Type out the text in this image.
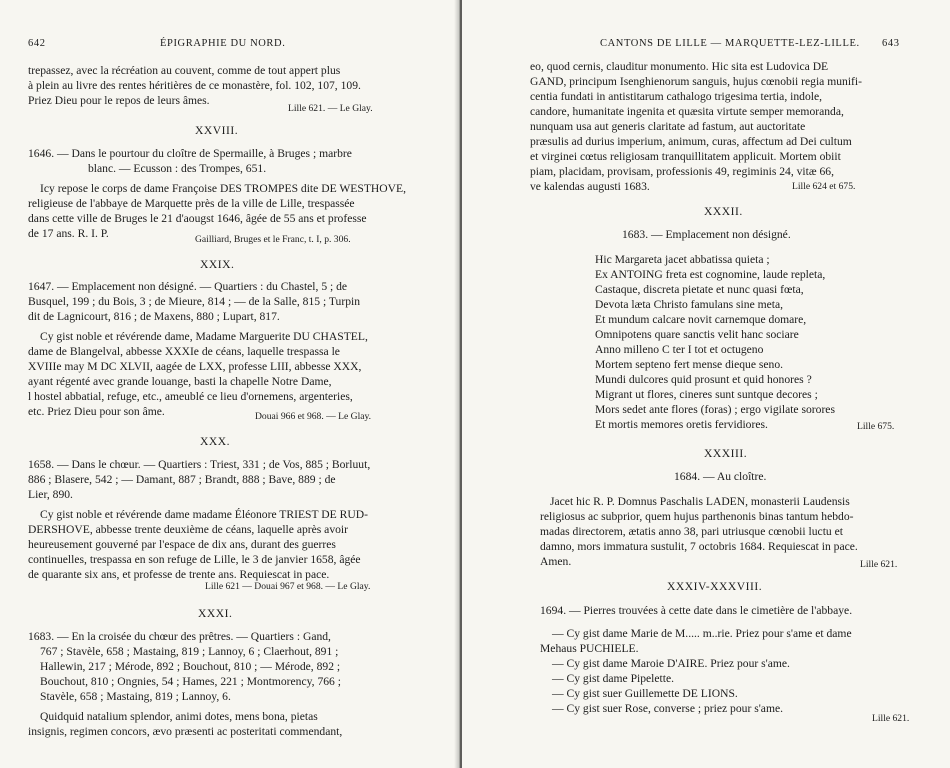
642	ÉPIGRAPHIE DU NORD.
trepassez, avec la récréation au couvent, comme de tout appert plus
à plein au livre des rentes héritières de ce monastère, fol. 102, 107, 109.
Priez Dieu pour le repos de leurs âmes.
Lille 621. — Le Glay.
XXVIII.
1646. — Dans le pourtour du cloître de Spermaille, à Bruges ; marbre
blanc. — Ecusson : des Trompes, 651.
Icy repose le corps de dame Françoise DES TROMPES dite DE WESTHOVE,
religieuse de l'abbaye de Marquette près de la ville de Lille, trespassée
dans cette ville de Bruges le 21 d'aougst 1646, âgée de 55 ans et professe
de 17 ans. R. I. P.	Gailliard, Bruges et le Franc, t. I, p. 306.
XXIX.
1647. — Emplacement non désigné. — Quartiers : du Chastel, 5 ; de
Busquel, 199 ; du Bois, 3 ; de Mieure, 814 ; — de la Salle, 815 ; Turpin
dit de Lagnicourt, 816 ; de Maxens, 880 ; Lupart, 817.
Cy gist noble et révérende dame, Madame Marguerite DU CHASTEL,
dame de Blangelval, abbesse XXXIe de céans, laquelle trespassa le
XVIIIe may M DC XLVII, aagée de LXX, professe LIII, abbesse XXX,
ayant régenté avec grande louange, basti la chapelle Notre Dame,
l hostel abbatial, refuge, etc., ameublé ce lieu d'ornemens, argenteries,
etc. Priez Dieu pour son âme.	Douai 966 et 968. — Le Glay.
XXX.
1658. — Dans le chœur. — Quartiers : Triest, 331 ; de Vos, 885 ; Borluut,
886 ; Blasere, 542 ; — Damant, 887 ; Brandt, 888 ; Bave, 889 ; de
Lier, 890.
Cy gist noble et révérende dame madame Éléonore TRIEST DE RUD-
DERSHOVE, abbesse trente deuxième de céans, laquelle après avoir
heureusement gouverné par l'espace de dix ans, durant des guerres
continuelles, trespassa en son refuge de Lille, le 3 de janvier 1658, âgée
de quarante six ans, et professe de trente ans. Requiescat in pace.
Lille 621 — Douai 967 et 968. — Le Glay.
XXXI.
1683. — En la croisée du chœur des prêtres. — Quartiers : Gand,
767 ; Stavèle, 658 ; Mastaing, 819 ; Lannoy, 6 ; Claerhout, 891 ;
Hallewin, 217 ; Mérode, 892 ; Bouchout, 810 ; — Mérode, 892 ;
Bouchout, 810 ; Ongnies, 54 ; Hames, 221 ; Montmorency, 766 ;
Stavèle, 658 ; Mastaing, 819 ; Lannoy, 6.
Quidquid natalium splendor, animi dotes, mens bona, pietas
insignis, regimen concors, ævo præsenti ac posteritati commendant,
CANTONS DE LILLE — MARQUETTE-LEZ-LILLE. 643
eo, quod cernis, clauditur monumento. Hic sita est Ludovica DE
GAND, principum Isenghienorum sanguis, hujus cœnobii regia munifi-
centia fundati in antistitarum cathalogo trigesima tertia, indole,
candore, humanitate ingenita et quæsita virtute semper memoranda,
nunquam usa aut generis claritate ad fastum, aut auctoritate
præsulis ad durius imperium, animum, curas, affectum ad Dei cultum
et virginei cœtus religiosam tranquillitatem applicuit. Mortem obiit
piam, placidam, provisam, professionis 49, regiminis 24, vitæ 66,
ve kalendas augusti 1683.	Lille 624 et 675.
XXXII.
1683. — Emplacement non désigné.
Hic Margareta jacet abbatissa quieta ;
Ex ANTOING freta est cognomine, laude repleta,
Castaque, discreta pietate et nunc quasi fœta,
Devota læta Christo famulans sine meta,
Et mundum calcare novit carnemque domare,
Omnipotens quare sanctis velit hanc sociare
Anno milleno C ter I tot et octugeno
Mortem septeno fert mense dieque seno.
Mundi dulcores quid prosunt et quid honores ?
Migrant ut flores, cineres sunt suntque decores ;
Mors sedet ante flores (foras) ; ergo vigilate sorores
Et mortis memores oretis fervidiores.	Lille 675.
XXXIII.
1684. — Au cloître.
Jacet hic R. P. Domnus Paschalis LADEN, monasterii Laudensis
religiosus ac subprior, quem hujus parthenonis binas tantum hebdo-
madas directorem, ætatis anno 38, pari utriusque cœnobii luctu et
damno, mors immatura sustulit, 7 octobris 1684. Requiescat in pace.
Amen.	Lille 621.
XXXIV-XXXVIII.
1694. — Pierres trouvées à cette date dans le cimetière de l'abbaye.
— Cy gist dame Marie de M..... m..rie. Priez pour s'ame et dame
Mehaus PUCHIELE.
— Cy gist dame Maroie D'AIRE. Priez pour s'ame.
— Cy gist dame Pipelette.
— Cy gist suer Guillemette DE LIONS.
— Cy gist suer Rose, converse ; priez pour s'ame.
Lille 621.
